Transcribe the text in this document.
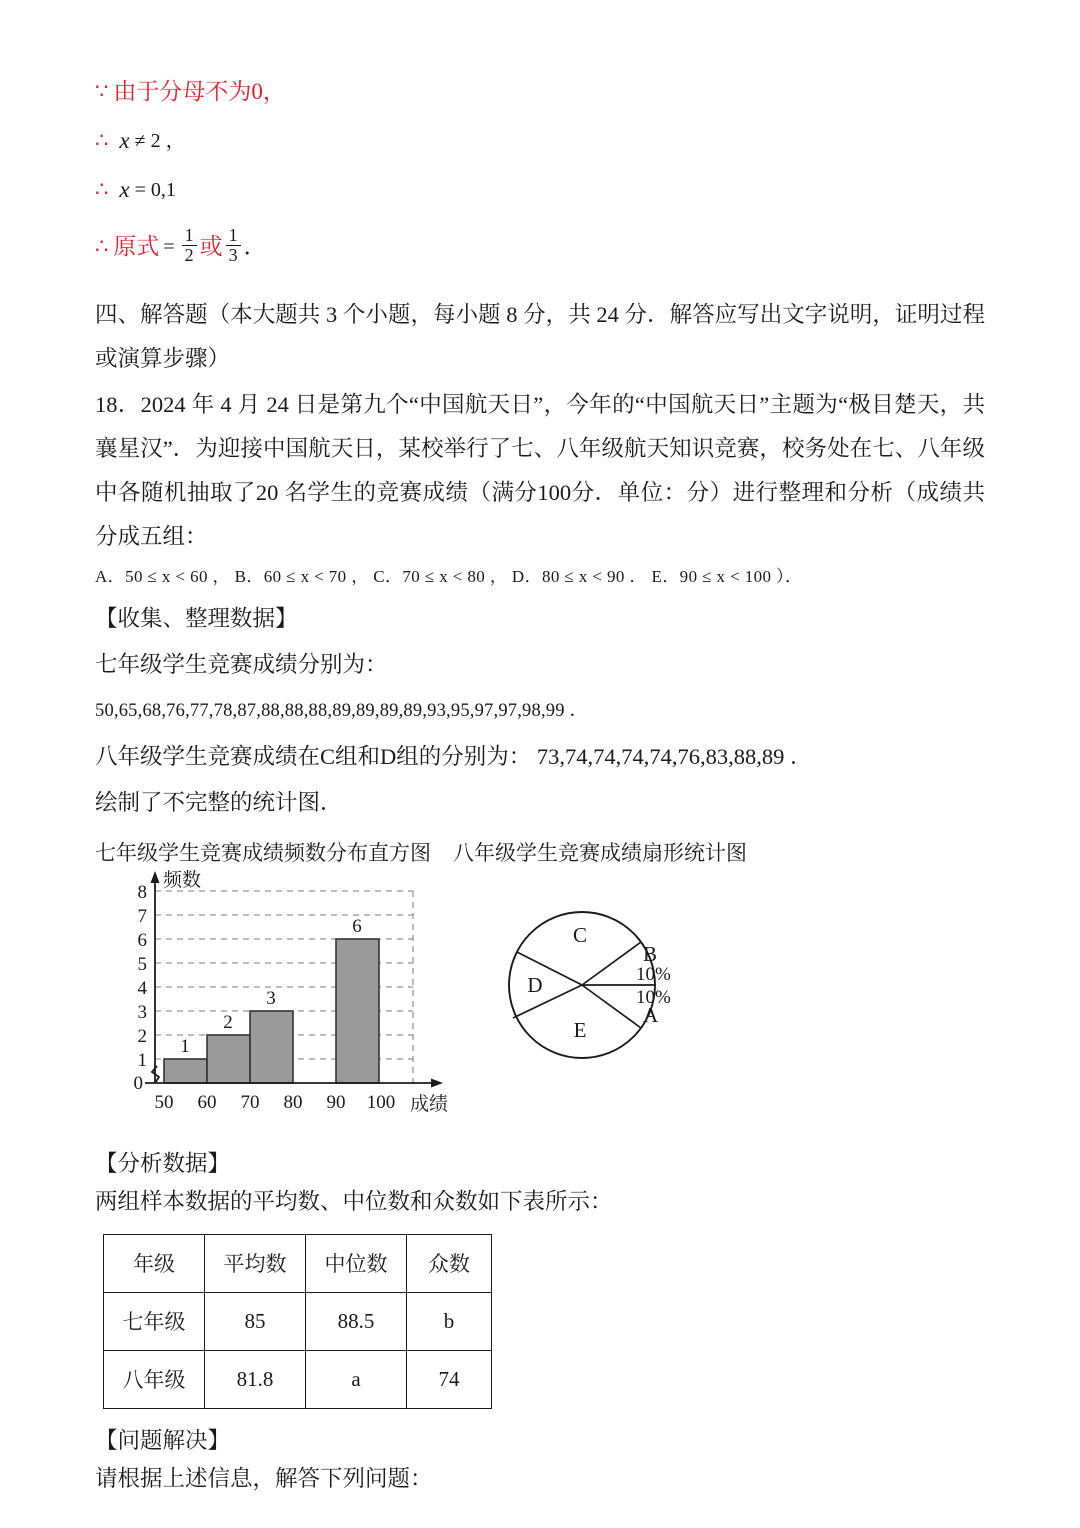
∵ 由于分母不为 0，
∴ x ≠ 2 ，
∴ x = 0,1
∴ 原式 = $\frac{1}{2}$ 或 $\frac{1}{3}$ ．

四、解答题（本大题共 3 个小题，每小题 8 分，共 24 分．解答应写出文字说明，证明过程或演算步骤）

18．2024 年 4 月 24 日是第九个“中国航天日”，今年的“中国航天日”主题为“极目楚天，共襄星汉”．为迎接中国航天日，某校举行了七、八年级航天知识竞赛，校务处在七、八年级中各随机抽取了20 名学生的竞赛成绩（满分100分．单位：分）进行整理和分析（成绩共分成五组：

A．50 ≤ x < 60 ， B．60 ≤ x < 70 ， C．70 ≤ x < 80 ， D．80 ≤ x < 90 ． E．90 ≤ x < 100 ）．

【收集、整理数据】

七年级学生竞赛成绩分别为：

50,65,68,76,77,78,87,88,88,88,89,89,89,89,93,95,97,97,98,99 ．

八年级学生竞赛成绩在C组和D组的分别为： 73,74,74,74,74,76,83,88,89 ．

绘制了不完整的统计图．

七年级学生竞赛成绩频数分布直方图 八年级学生竞赛成绩扇形统计图
1
2
3
6
0
1
2
3
4
5
6
7
8
50 60 70 80 90 100
频数
成绩
C
D
E
B
10%
10%
A

【分析数据】

两组样本数据的平均数、中位数和众数如下表所示：

年级	平均数	中位数	众数
七年级	85	88.5	b
八年级	81.8	a	74

【问题解决】

请根据上述信息，解答下列问题：
